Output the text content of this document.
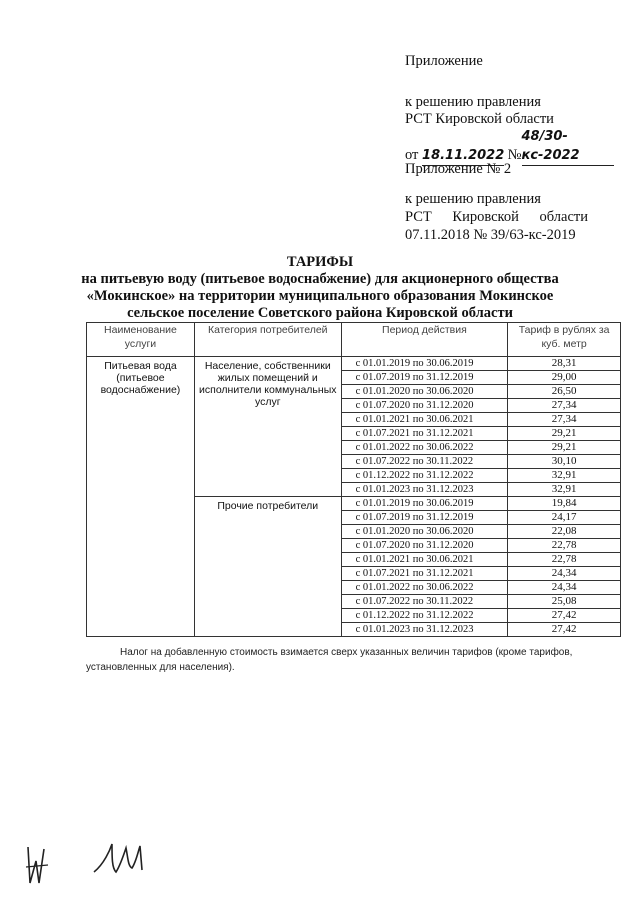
Приложение
к решению правления
РСТ Кировской области
от 18.11.2022 №48/30-кс-2022
Приложение № 2
к решению правления
РСТ Кировской области
07.11.2018 № 39/63-кс-2019
ТАРИФЫ
на питьевую воду (питьевое водоснабжение) для акционерного общества
«Мокинское» на территории муниципального образования Мокинское
сельское поселение Советского района Кировской области
Наименование услуги	Категория потребителей	Период действия	Тариф в рублях за куб. метр
Питьевая вода (питьевое водоснабжение)	Население, собственники жилых помещений и исполнители коммунальных услуг	с 01.01.2019 по 30.06.2019	28,31
		с 01.07.2019 по 31.12.2019	29,00
		с 01.01.2020 по 30.06.2020	26,50
		с 01.07.2020 по 31.12.2020	27,34
		с 01.01.2021 по 30.06.2021	27,34
		с 01.07.2021 по 31.12.2021	29,21
		с 01.01.2022 по 30.06.2022	29,21
		с 01.07.2022 по 30.11.2022	30,10
		с 01.12.2022 по 31.12.2022	32,91
		с 01.01.2023 по 31.12.2023	32,91
	Прочие потребители	с 01.01.2019 по 30.06.2019	19,84
		с 01.07.2019 по 31.12.2019	24,17
		с 01.01.2020 по 30.06.2020	22,08
		с 01.07.2020 по 31.12.2020	22,78
		с 01.01.2021 по 30.06.2021	22,78
		с 01.07.2021 по 31.12.2021	24,34
		с 01.01.2022 по 30.06.2022	24,34
		с 01.07.2022 по 30.11.2022	25,08
		с 01.12.2022 по 31.12.2022	27,42
		с 01.01.2023 по 31.12.2023	27,42
Налог на добавленную стоимость взимается сверх указанных величин тарифов (кроме тарифов, установленных для населения).
